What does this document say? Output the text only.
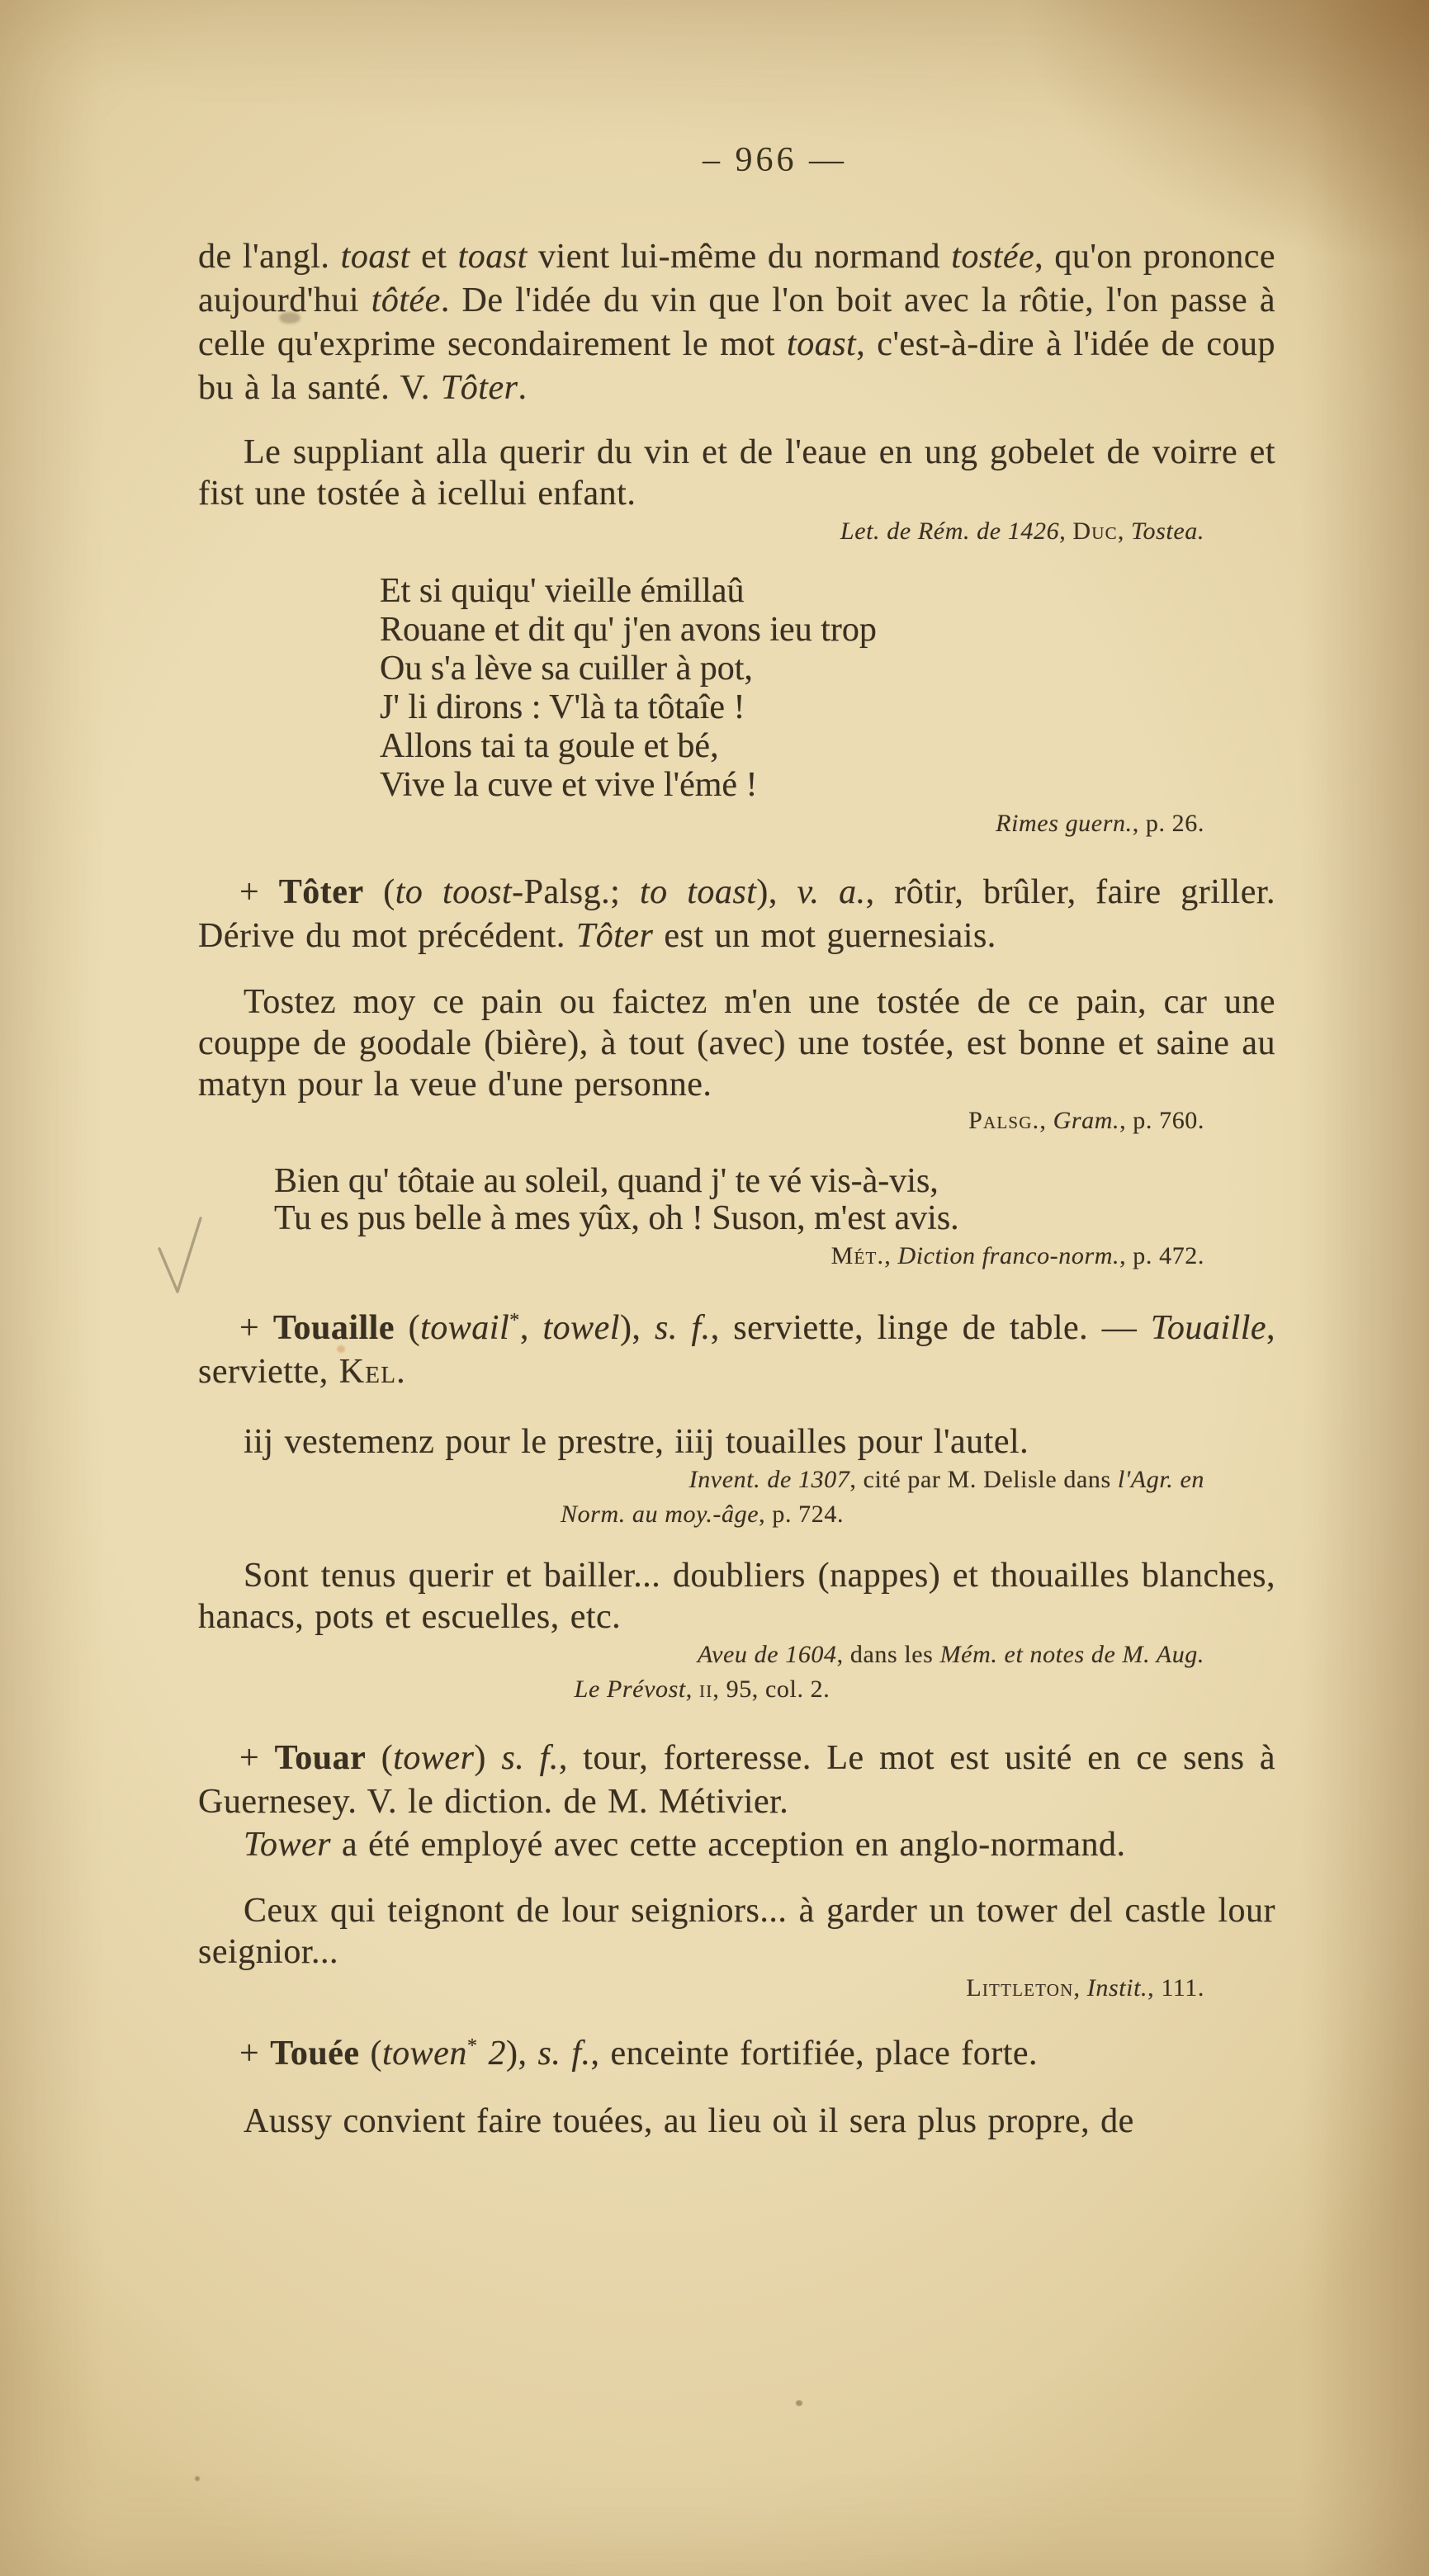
– 966 —

de l'angl. toast et toast vient lui-même du normand tostée, qu'on prononce aujourd'hui tôtée. De l'idée du vin que l'on boit avec la rôtie, l'on passe à celle qu'exprime secondairement le mot toast, c'est-à-dire à l'idée de coup bu à la santé. V. Tôter.

Le suppliant alla querir du vin et de l'eaue en ung gobelet de voirre et fist une tostée à icellui enfant.

Let. de Rém. de 1426, Duc, Tostea.
Et si quiqu' vieille émillaû
Rouane et dit qu' j'en avons ieu trop
Ou s'a lève sa cuiller à pot,
J' li dirons : V'là ta tôtaîe !
Allons tai ta goule et bé,
Vive la cuve et vive l'émé !
Rimes guern., p. 26.

+ Tôter (to toost-Palsg.; to toast), v. a., rôtir, brûler, faire griller. Dérive du mot précédent. Tôter est un mot guernesiais.

Tostez moy ce pain ou faictez m'en une tostée de ce pain, car une couppe de goodale (bière), à tout (avec) une tostée, est bonne et saine au matyn pour la veue d'une personne.

Palsg., Gram., p. 760.
Bien qu' tôtaie au soleil, quand j' te vé vis-à-vis,
Tu es pus belle à mes yûx, oh ! Suson, m'est avis.
Mét., Diction franco-norm., p. 472.

+ Touaille (towail*, towel), s. f., serviette, linge de table. — Touaille, serviette, Kel.

iij vestemenz pour le prestre, iiij touailles pour l'autel.

Invent. de 1307, cité par M. Delisle dans l'Agr. en
Norm. au moy.-âge, p. 724.

Sont tenus querir et bailler... doubliers (nappes) et thouailles blanches, hanacs, pots et escuelles, etc.

Aveu de 1604, dans les Mém. et notes de M. Aug.
Le Prévost, ii, 95, col. 2.

+ Touar (tower) s. f., tour, forteresse. Le mot est usité en ce sens à Guernesey. V. le diction. de M. Métivier.

Tower a été employé avec cette acception en anglo-normand.

Ceux qui teignont de lour seigniors... à garder un tower del castle lour seignior...

Littleton, Instit., 111.

+ Touée (towen* 2), s. f., enceinte fortifiée, place forte.

Aussy convient faire touées, au lieu où il sera plus propre, de
